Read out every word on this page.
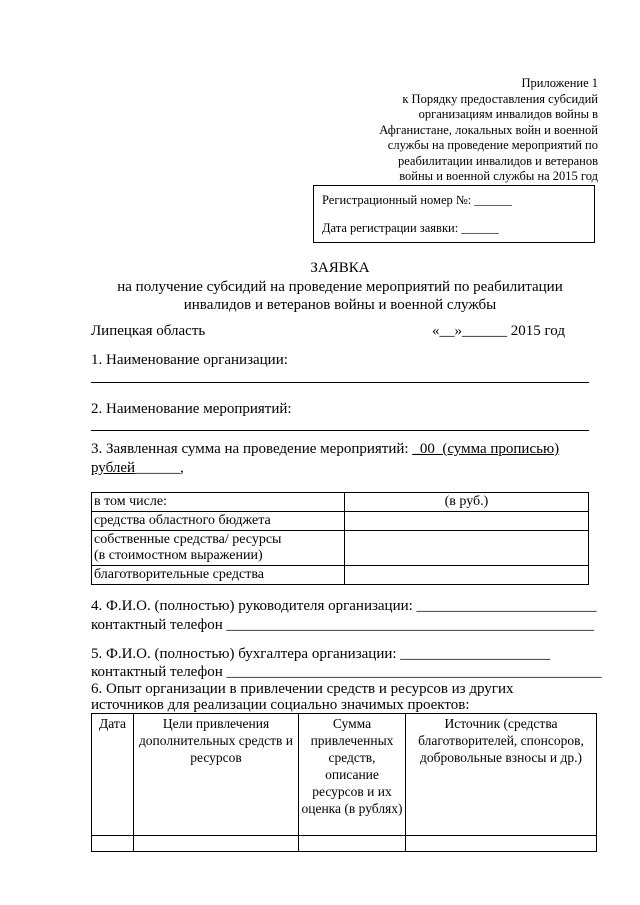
Приложение 1
к Порядку предоставления субсидий
организациям инвалидов войны в
Афганистане, локальных войн и военной
службы на проведение мероприятий по
реабилитации инвалидов и ветеранов
войны и военной службы на 2015 год
Регистрационный номер №: ______
Дата регистрации заявки: ______
ЗАЯВКА
на получение субсидий на проведение мероприятий по реабилитации
инвалидов и ветеранов войны и военной службы
Липецкая область	«__»______ 2015 год
1. Наименование организации:
2. Наименование мероприятий:
3. Заявленная сумма на проведение мероприятий: _00_(сумма прописью)
рублей______,
в том числе:	(в руб.)
средства областного бюджета	
собственные средства/ ресурсы
(в стоимостном выражении)	
благотворительные средства	
4. Ф.И.О. (полностью) руководителя организации: ________________________
контактный телефон _________________________________________________
5. Ф.И.О. (полностью) бухгалтера организации: ____________________
контактный телефон __________________________________________________
6. Опыт организации в привлечении средств и ресурсов из других
источников для реализации социально значимых проектов:
Дата	Цели привлечения дополнительных средств и ресурсов	Сумма привлеченных средств, описание ресурсов и их оценка (в рублях)	Источник (средства благотворителей, спонсоров, добровольные взносы и др.)
